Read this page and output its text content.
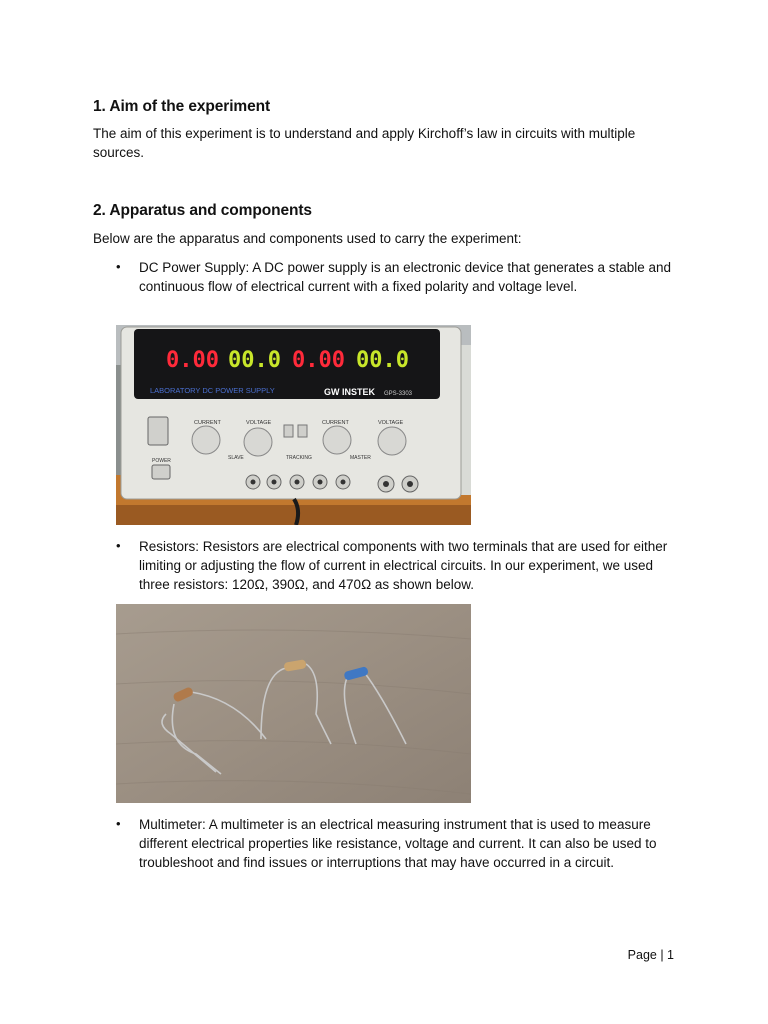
1. Aim of the experiment

The aim of this experiment is to understand and apply Kirchoff’s law in circuits with multiple sources.

2. Apparatus and components

Below are the apparatus and components used to carry the experiment:

• DC Power Supply: A DC power supply is an electronic device that generates a stable and continuous flow of electrical current with a fixed polarity and voltage level.

0.00 00.0 0.00 00.0
LABORATORY DC POWER SUPPLY	GW INSTEK GPS-3303
CURRENT	VOLTAGE	CURRENT	VOLTAGE
POWER	SLAVE	MASTER
TRACKING
• Resistors: Resistors are electrical components with two terminals that are used for either limiting or adjusting the flow of current in electrical circuits. In our experiment, we used three resistors: 120Ω, 390Ω, and 470Ω as shown below.

• Multimeter: A multimeter is an electrical measuring instrument that is used to measure different electrical properties like resistance, voltage and current. It can also be used to troubleshoot and find issues or interruptions that may have occurred in a circuit.

Page | 1
